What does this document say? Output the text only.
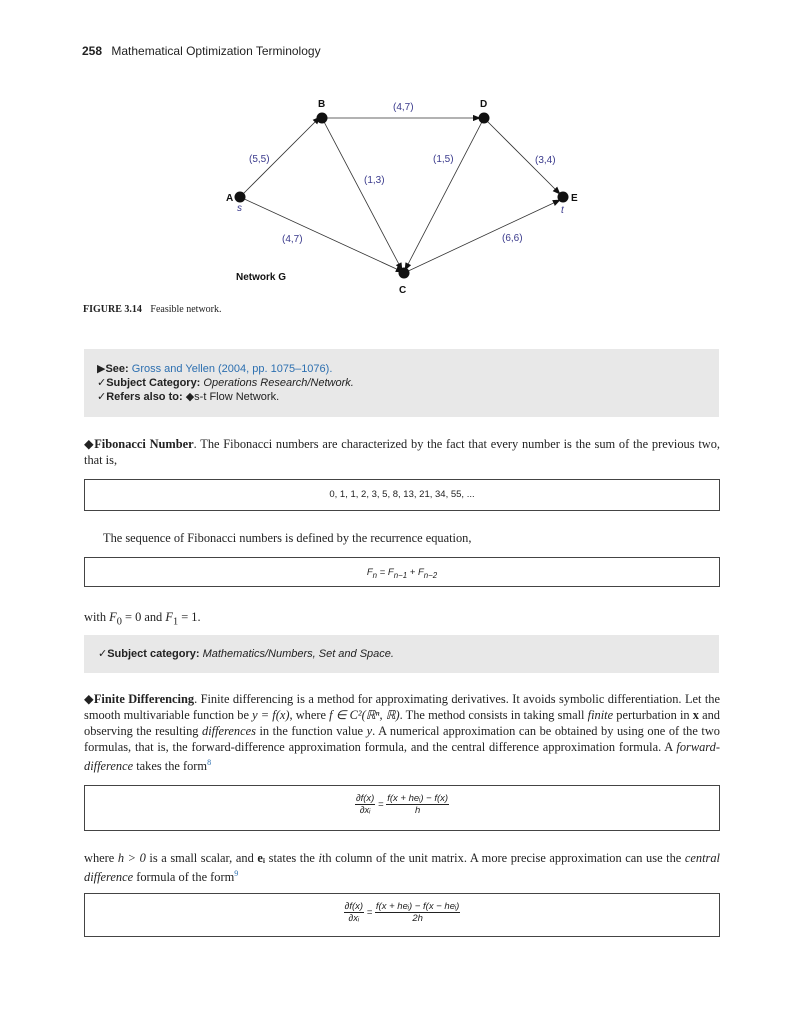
258 Mathematical Optimization Terminology
A
B	D
E
C
Network G
s	t
(5,5)
(4,7)
(4,7)
(1,3)
(1,5)	(3,4)
(6,6)
FIGURE 3.14 Feasible network.
▶See: Gross and Yellen (2004, pp. 1075–1076).
✓Subject Category: Operations Research/Network.
✓Refers also to: ◆s-t Flow Network.
◆Fibonacci Number. The Fibonacci numbers are characterized by the fact that every number is the sum of the previous two, that is,
0, 1, 1, 2, 3, 5, 8, 13, 21, 34, 55, ...
The sequence of Fibonacci numbers is defined by the recurrence equation,
$F_n = F_{n-1} + F_{n-2}$
with $F_0 = 0$ and $F_1 = 1$.
✓Subject category: Mathematics/Numbers, Set and Space.
◆Finite Differencing. Finite differencing is a method for approximating derivatives. It avoids symbolic differentiation. Let the smooth multivariable function be y = f(x), where f ∈ C²(ℝⁿ, ℝ). The method consists in taking small finite perturbation in x and observing the resulting differences in the function value y. A numerical approximation can be obtained by using one of the two formulas, that is, the forward-difference approximation formula, and the central difference approximation formula. A forward-difference takes the form$^8$
$\frac{\partial f(x)}{\text{∂xᵢ}} = \frac{\text{f(x + heᵢ) − f(x)}}{h}$
where h > 0 is a small scalar, and eᵢ states the ith column of the unit matrix. A more precise approximation can use the central difference formula of the form$^9$
$\frac{\partial f(x)}{\text{∂xᵢ}} = \frac{\text{f(x + heᵢ) − f(x − heᵢ)}}{2h}$
